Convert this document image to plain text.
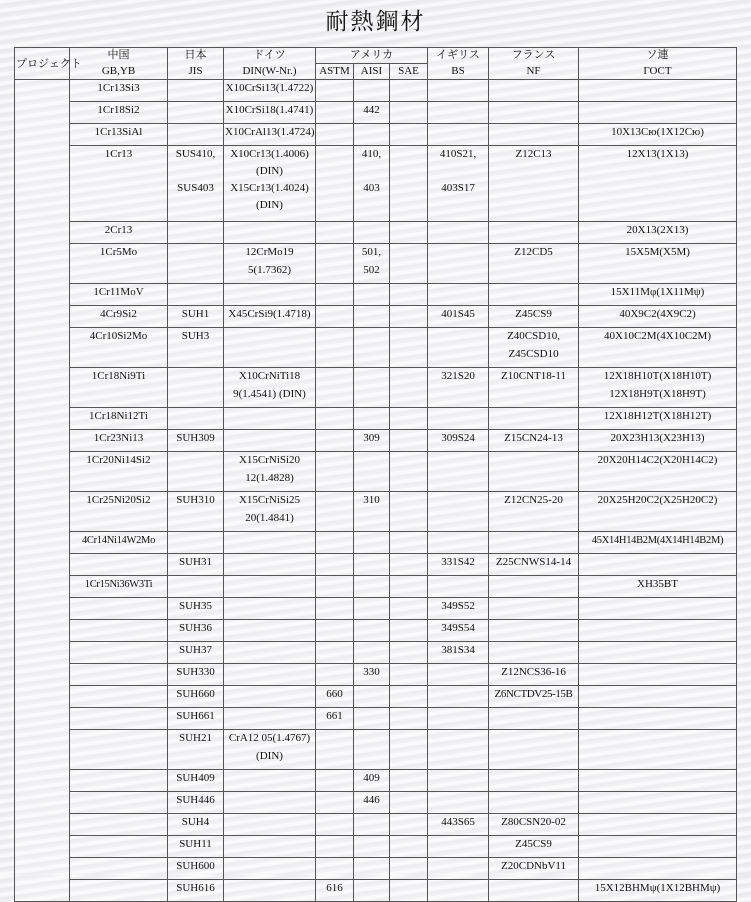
耐熱鋼材
プロジェクト	中国	日本	ドイツ	アメリカ			イギリス	フランス	ソ連
	GB,YB	JIS	DIN(W-Nr.)	ASTM	AISI	SAE	BS	NF	ГОСТ

	1Cr13Si3		X10CrSi13(1.4722)						

	1Cr18Si2		X10CrSi18(1.4741)		442				

	1Cr13SiAl		X10CrAl13(1.4724)						10X13Cю(1X12Cю)

	1Cr13	SUS410,
SUS403	X10Cr13(1.4006)
(DIN)
X15Cr13(1.4024)
(DIN)		410,
403		410S21,
403S17	Z12C13	12X13(1X13)

	2Cr13								20X13(2X13)

	1Cr5Mo		12CrMo19
5(1.7362)		501,
502			Z12CD5	15X5M(X5M)

	1Cr11MoV								15X11Mφ(1X11Mψ)

	4Cr9Si2	SUH1	X45CrSi9(1.4718)				401S45	Z45CS9	40X9C2(4X9C2)

	4Cr10Si2Mo	SUH3						Z40CSD10,
Z45CSD10	40X10C2M(4X10C2M)

	1Cr18Ni9Ti		X10CrNiTi18
9(1.4541) (DIN)				321S20	Z10CNT18-11	12X18H10T(X18H10T)
12X18H9T(X18H9T)

	1Cr18Ni12Ti								12X18H12T(X18H12T)

	1Cr23Ni13	SUH309			309		309S24	Z15CN24-13	20X23H13(X23H13)

	1Cr20Ni14Si2		X15CrNiSi20
12(1.4828)						20X20H14C2(X20H14C2)

	1Cr25Ni20Si2	SUH310	X15CrNiSi25
20(1.4841)		310			Z12CN25-20	20X25H20C2(X25H20C2)

	4Cr14Ni14W2Mo								45X14H14B2M(4X14H14B2M)

		SUH31					331S42	Z25CNWS14-14	

	1Cr15Ni36W3Ti								XH35BT

		SUH35					349S52		

		SUH36					349S54		

		SUH37					381S34		

		SUH330			330			Z12NCS36-16	

		SUH660		660				Z6NCTDV25-15B	

		SUH661		661					

		SUH21	CrA12 05(1.4767)
(DIN)						

		SUH409			409				

		SUH446			446				

		SUH4					443S65	Z80CSN20-02	

		SUH11						Z45CS9	

		SUH600						Z20CDNbV11	

		SUH616		616					15X12BHMψ(1X12BHMψ)
